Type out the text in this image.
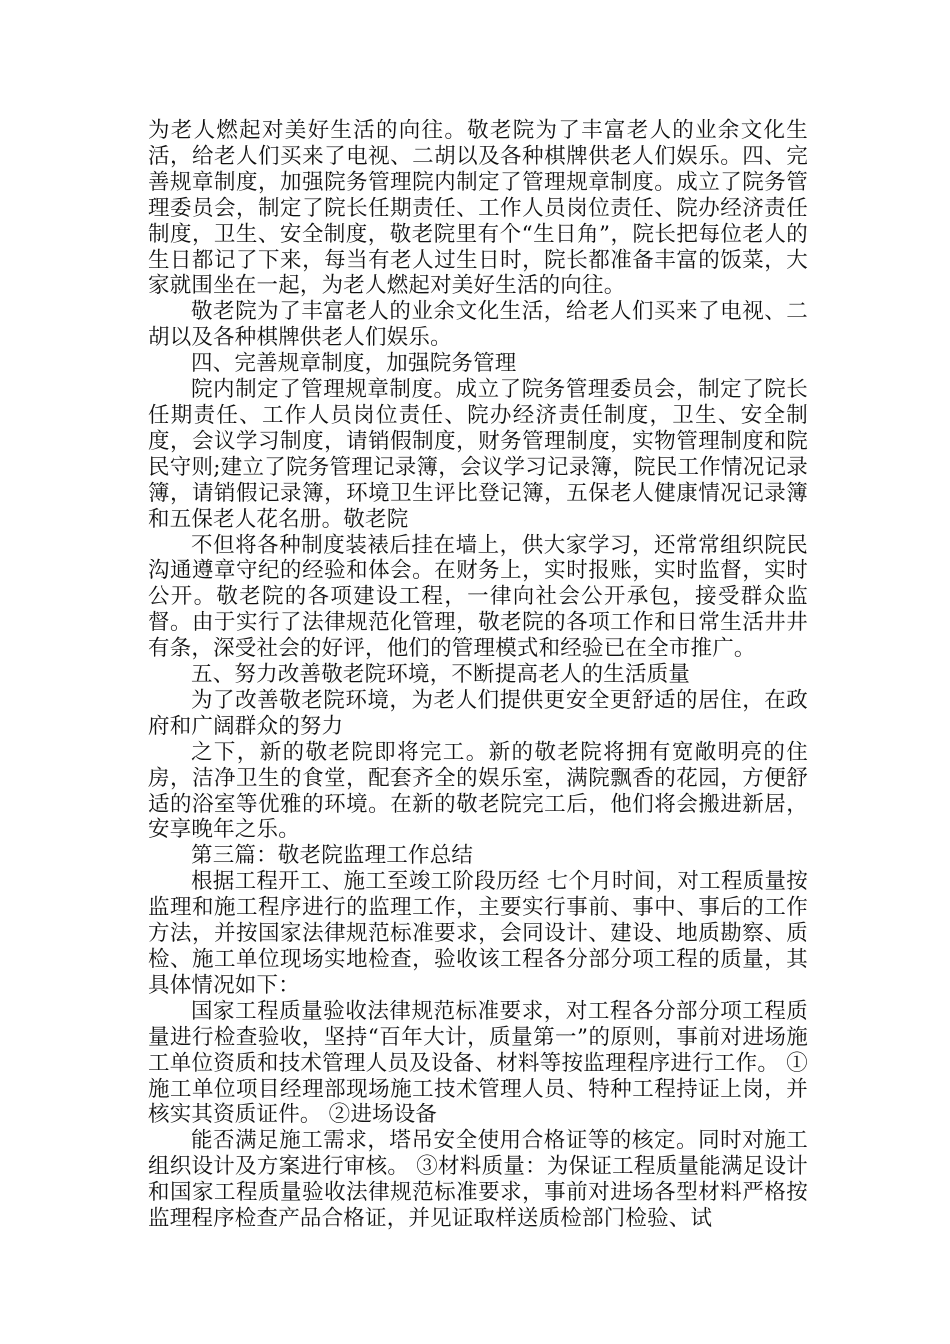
为老人燃起对美好生活的向往。敬老院为了丰富老人的业余文化生活，给老人们买来了电视、二胡以及各种棋牌供老人们娱乐。四、完善规章制度，加强院务管理院内制定了管理规章制度。成立了院务管理委员会，制定了院长任期责任、工作人员岗位责任、院办经济责任制度，卫生、安全制度，敬老院里有个“生日角”，院长把每位老人的生日都记了下来，每当有老人过生日时，院长都准备丰富的饭菜，大家就围坐在一起，为老人燃起对美好生活的向往。

敬老院为了丰富老人的业余文化生活，给老人们买来了电视、二胡以及各种棋牌供老人们娱乐。

四、完善规章制度，加强院务管理

院内制定了管理规章制度。成立了院务管理委员会，制定了院长任期责任、工作人员岗位责任、院办经济责任制度，卫生、安全制度，会议学习制度，请销假制度，财务管理制度，实物管理制度和院民守则;建立了院务管理记录簿，会议学习记录簿，院民工作情况记录簿，请销假记录簿，环境卫生评比登记簿，五保老人健康情况记录簿和五保老人花名册。敬老院

不但将各种制度装裱后挂在墙上，供大家学习，还常常组织院民沟通遵章守纪的经验和体会。在财务上，实时报账，实时监督，实时公开。敬老院的各项建设工程，一律向社会公开承包，接受群众监督。由于实行了法律规范化管理，敬老院的各项工作和日常生活井井有条，深受社会的好评，他们的管理模式和经验已在全市推广。

五、努力改善敬老院环境，不断提高老人的生活质量

为了改善敬老院环境，为老人们提供更安全更舒适的居住，在政府和广阔群众的努力

之下，新的敬老院即将完工。新的敬老院将拥有宽敞明亮的住房，洁净卫生的食堂，配套齐全的娱乐室，满院飘香的花园，方便舒适的浴室等优雅的环境。在新的敬老院完工后，他们将会搬进新居，安享晚年之乐。

第三篇：敬老院监理工作总结

根据工程开工、施工至竣工阶段历经 七个月时间，对工程质量按监理和施工程序进行的监理工作，主要实行事前、事中、事后的工作方法，并按国家法律规范标准要求，会同设计、建设、地质勘察、质检、施工单位现场实地检查，验收该工程各分部分项工程的质量，其具体情况如下：

国家工程质量验收法律规范标准要求，对工程各分部分项工程质量进行检查验收，坚持“百年大计，质量第一”的原则，事前对进场施工单位资质和技术管理人员及设备、材料等按监理程序进行工作。 ①施工单位项目经理部现场施工技术管理人员、特种工程持证上岗，并核实其资质证件。 ②进场设备

能否满足施工需求，塔吊安全使用合格证等的核定。同时对施工组织设计及方案进行审核。 ③材料质量：为保证工程质量能满足设计和国家工程质量验收法律规范标准要求，事前对进场各型材料严格按监理程序检查产品合格证，并见证取样送质检部门检验、试
